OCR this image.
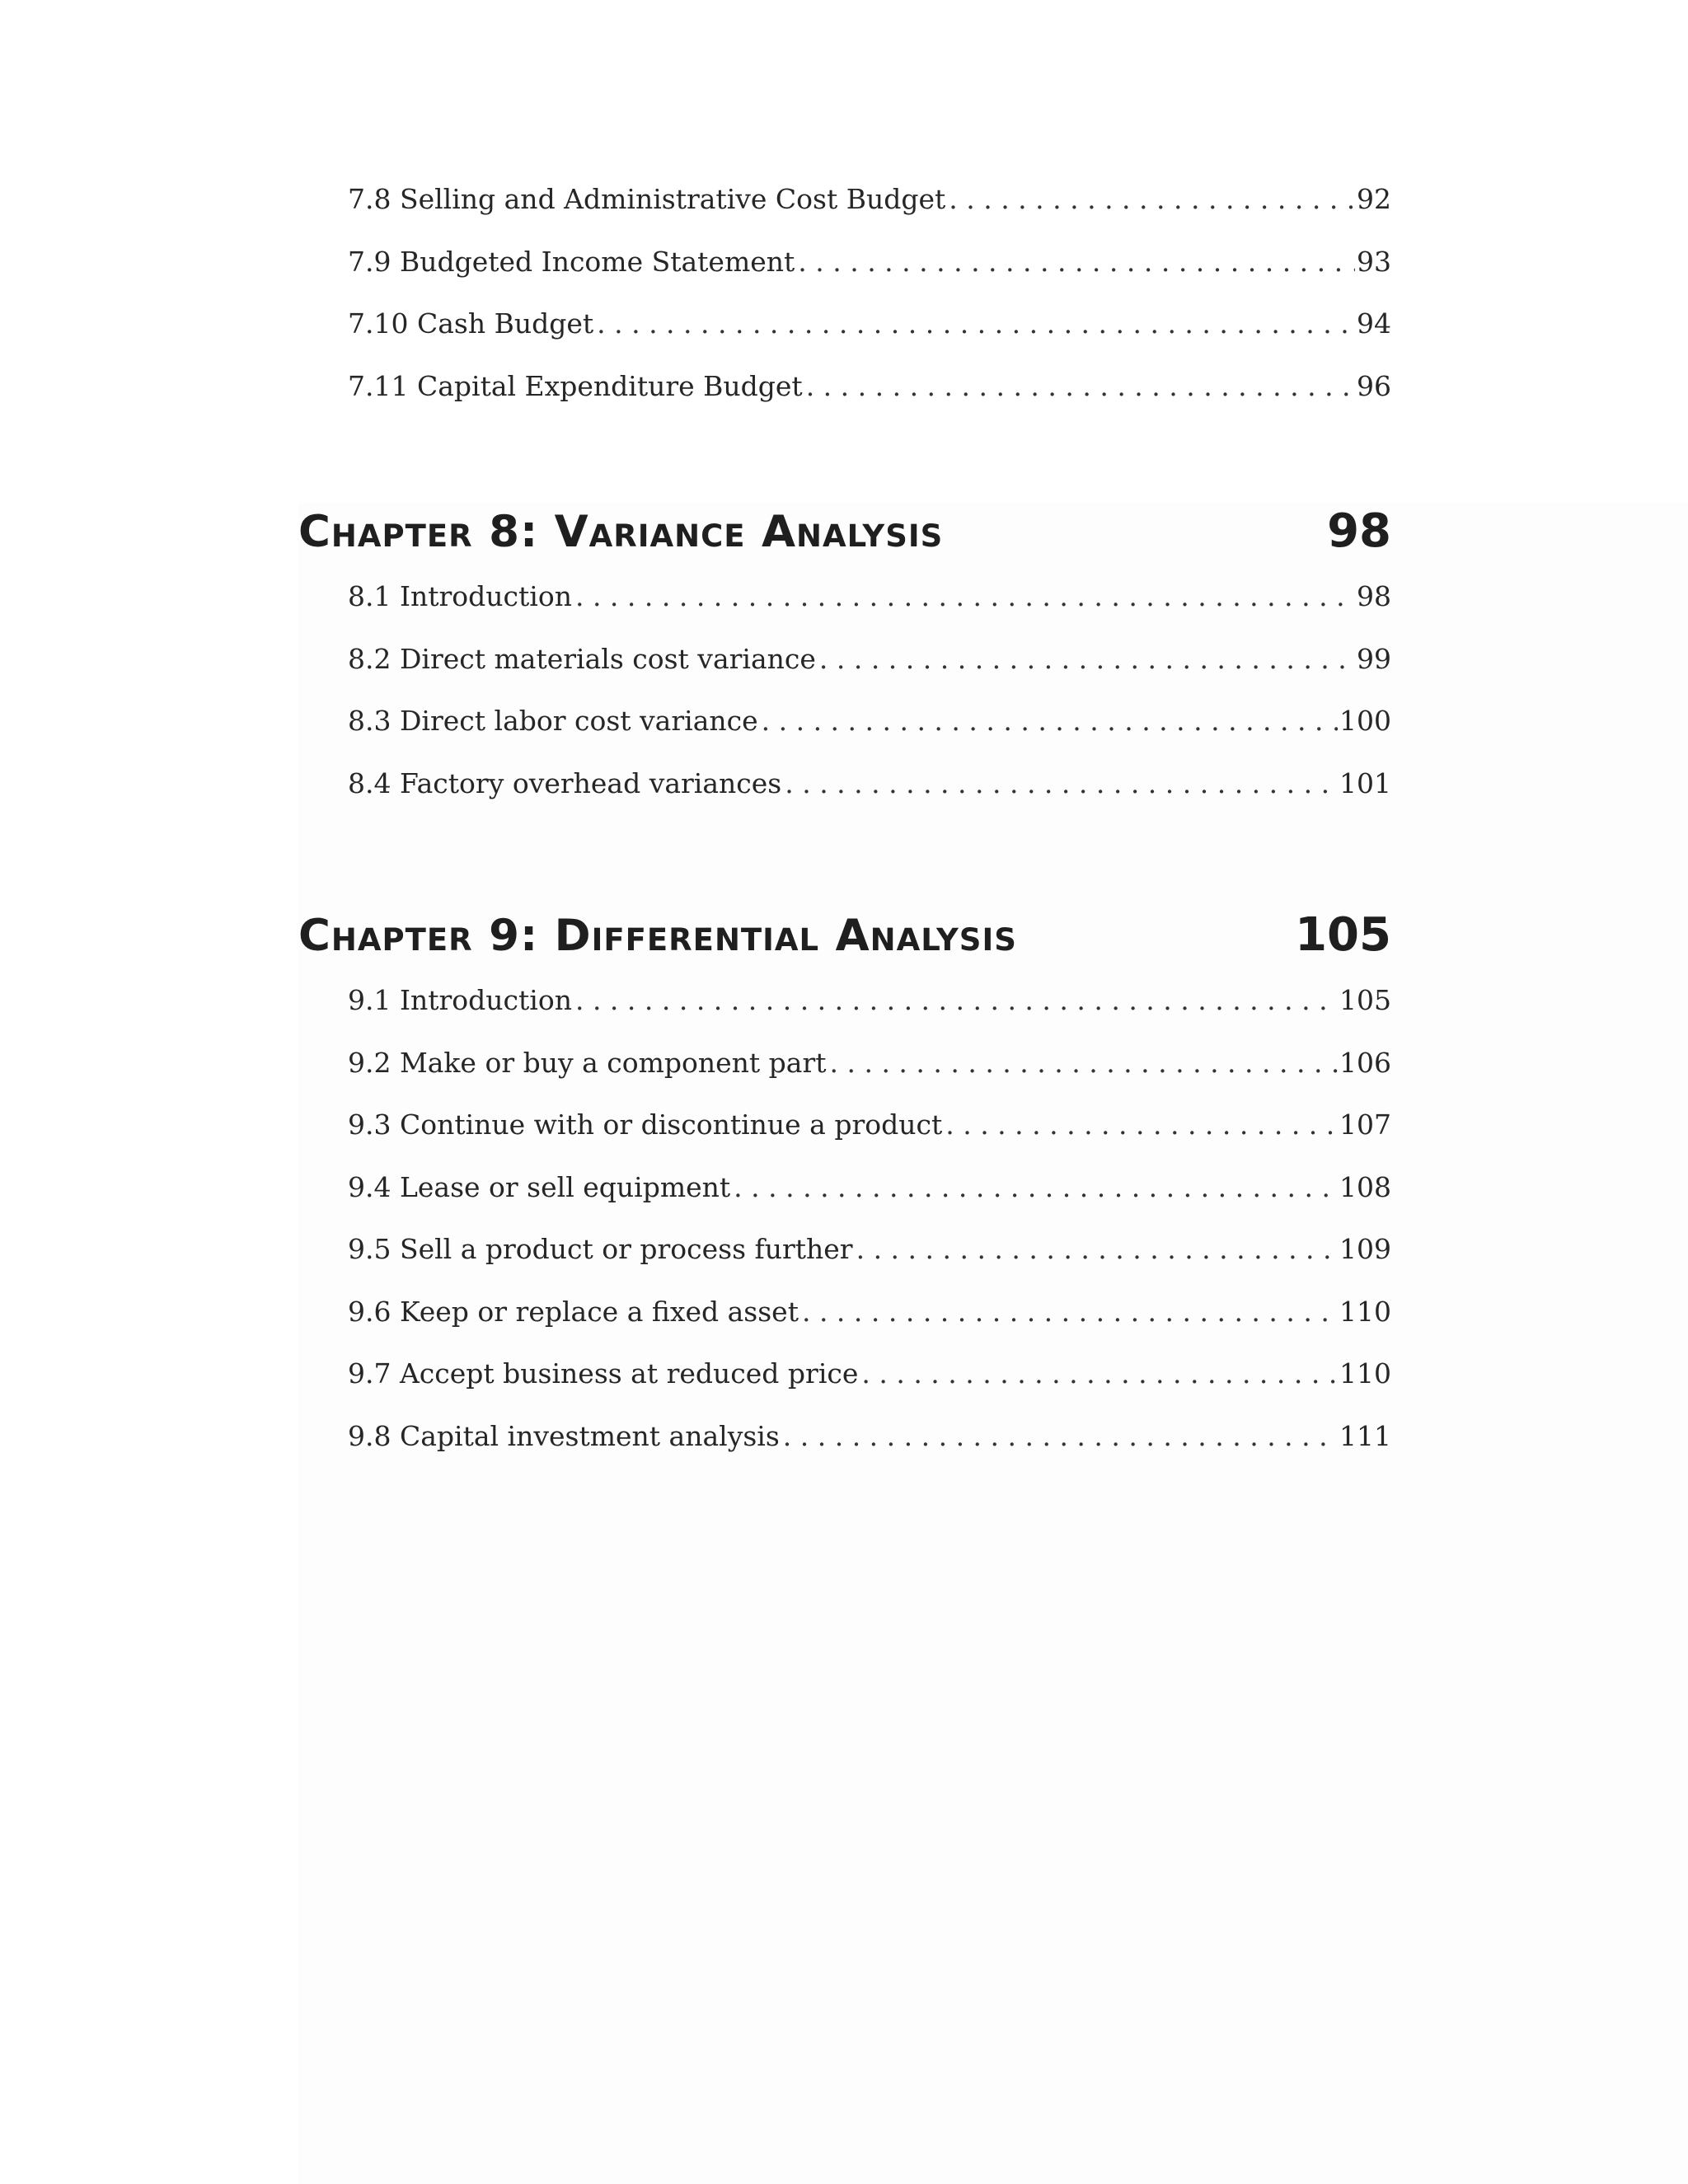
7.8 Selling and Administrative Cost Budget . . .	92
7.9 Budgeted Income Statement . . .	93
7.10 Cash Budget . . .	94
7.11 Capital Expenditure Budget . . .	96
Chapter 8: Variance Analysis	98
8.1 Introduction . . .	98
8.2 Direct materials cost variance . . .	99
8.3 Direct labor cost variance . . .	100
8.4 Factory overhead variances . . .	101
Chapter 9: Differential Analysis	105
9.1 Introduction . . .	105
9.2 Make or buy a component part . . .	106
9.3 Continue with or discontinue a product . . .	107
9.4 Lease or sell equipment . . .	108
9.5 Sell a product or process further . . .	109
9.6 Keep or replace a fixed asset . . .	110
9.7 Accept business at reduced price . . .	110
9.8 Capital investment analysis . . .	111
